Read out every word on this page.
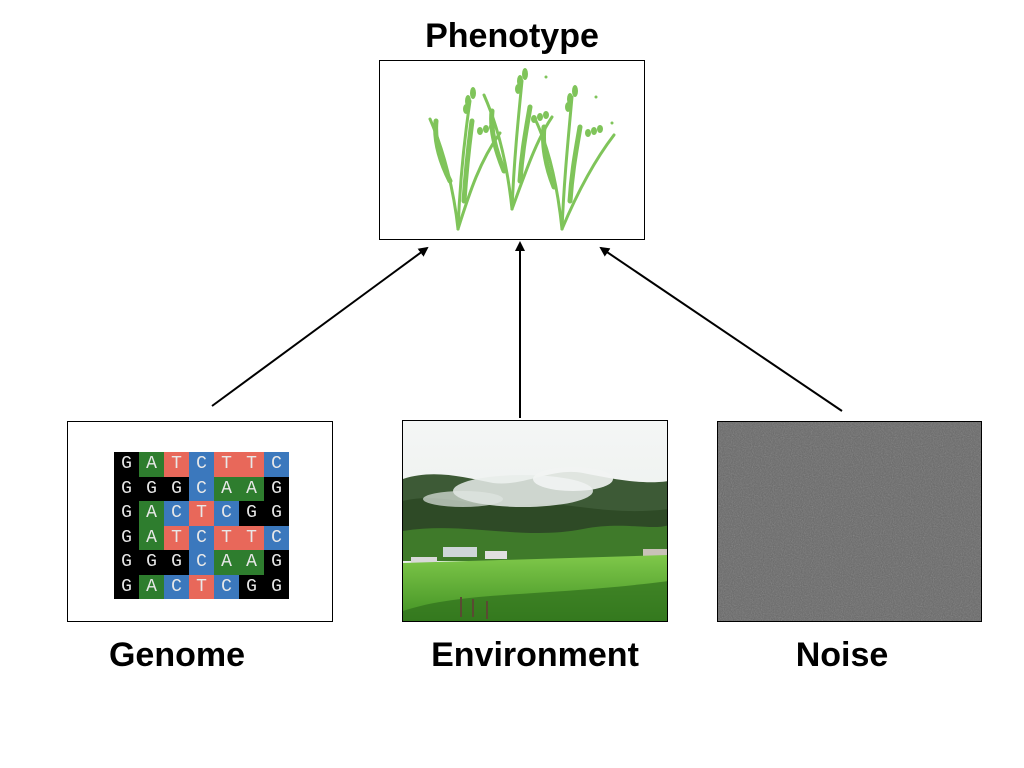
Phenotype
G A T C T T C
G G G C A A G
G A C T C G G
G A T C T T C
G G G C A A G
G A C T C G G
Genome	Environment	Noise
